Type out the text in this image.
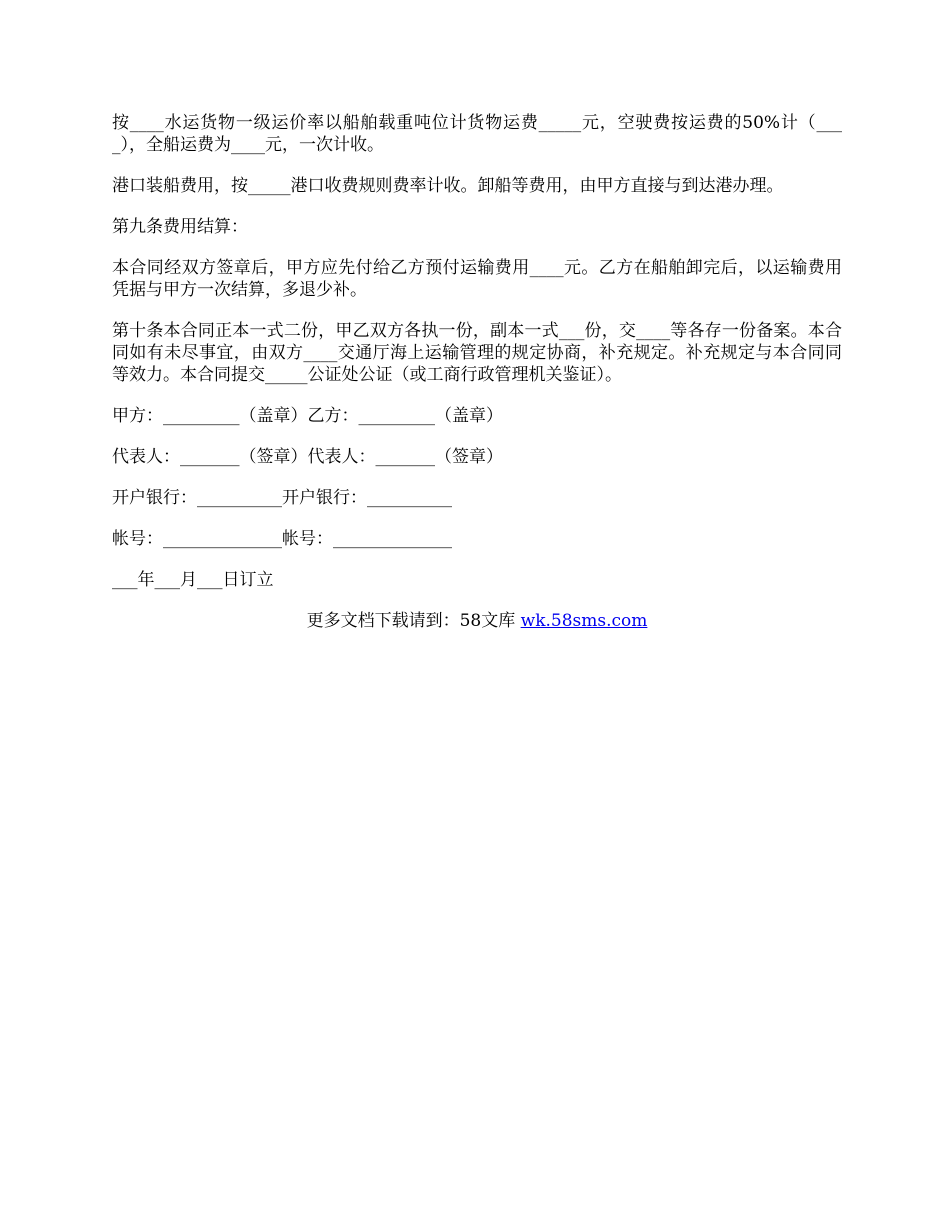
按____水运货物一级运价率以船舶载重吨位计货物运费_____元，空驶费按运费的50%计（____），全船运费为____元，一次计收。

港口装船费用，按_____港口收费规则费率计收。卸船等费用，由甲方直接与到达港办理。

第九条费用结算：

本合同经双方签章后，甲方应先付给乙方预付运输费用____元。乙方在船舶卸完后，以运输费用凭据与甲方一次结算，多退少补。

第十条本合同正本一式二份，甲乙双方各执一份，副本一式___份，交____等各存一份备案。本合同如有未尽事宜，由双方____交通厅海上运输管理的规定协商，补充规定。补充规定与本合同同等效力。本合同提交_____公证处公证（或工商行政管理机关鉴证）。

甲方：_________（盖章）乙方：_________（盖章）

代表人：_______（签章）代表人：_______（签章）

开户银行：__________开户银行：__________

帐号：______________帐号：______________

___年___月___日订立

更多文档下载请到：58文库 wk.58sms.com
